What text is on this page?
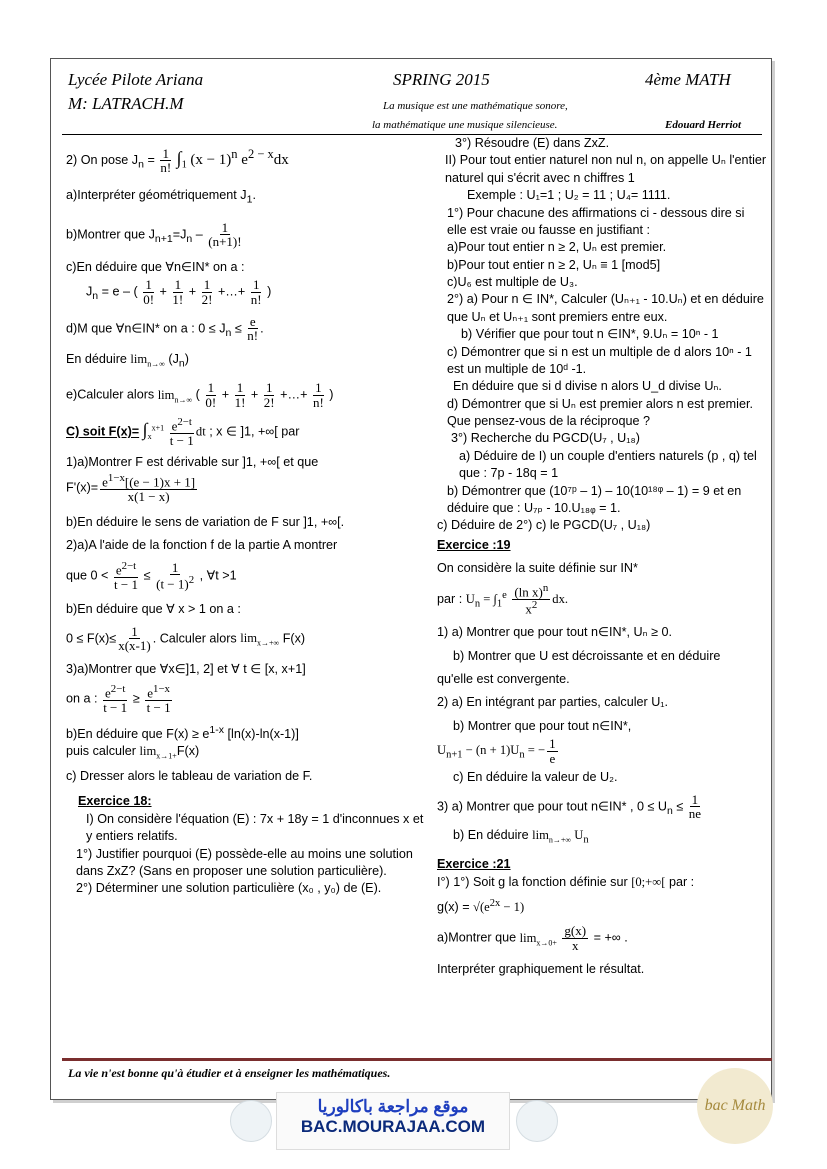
Lycée Pilote Ariana	SPRING 2015	4ème MATH
M: LATRACH.M	La musique est une mathématique sonore,
la mathématique une musique silencieuse.	Edouard Herriot

2) On pose $J_n = \frac{1}{n!} \int_1$ $(x - 1)^n$ $e^{2 - x}dx$

a)Interpréter géométriquement $J_1$.

b)Montrer que $J_{n+1}=J_n - \frac{1}{(n+1)!}$

c)En déduire que ∀n∈IN* on a :

$J_n = e$ – ( $\frac{1}{0!} + \frac{1}{1!} + \frac{1}{2!}$ +…+ $\frac{1}{n!}$ )

d)M que ∀n∈IN* on a : $0 \le J_n \le \frac{e}{n!}$ .

En déduire $\lim_{n\to\infty} (J_n)$

e)Calculer alors $\lim_{n\to\infty}$ ( $\frac{1}{0!} + \frac{1}{1!} + \frac{1}{2!}$ +…+ $\frac{1}{n!}$ )

C) soit $F(x)= \int_x^{x+1} \frac{e^{2-t}}{t - 1}$ dt ; x ∈ ]1, +∞[ par

1)a)Montrer F est dérivable sur ]1, +∞[ et que

$F'(x)= \frac{e^{1-x}[(e - 1)x + 1]}{x(1 - x)}$

b)En déduire le sens de variation de F sur ]1, +∞[.

2)a)A l'aide de la fonction f de la partie A montrer

que $0 < \frac{e^{2-t}}{t - 1} \le \frac{1}{(t - 1)^2}$ , ∀t >1

b)En déduire que ∀ x > 1 on a :

$0 \le F(x)\le \frac{1}{x(x-1)}$ . Calculer alors $\lim_{x\to+\infty} F(x)$

3)a)Montrer que ∀x∈]1, 2] et ∀ t ∈ [x, x+1]

on a : $\frac{e^{2-t}}{t - 1} \ge \frac{e^{1-x}}{t - 1}$

b)En déduire que $F(x) \ge e^{1-x}$ [ln(x)-ln(x-1)]

puis calculer $\lim_{x\to 1+}F(x)$

c) Dresser alors le tableau de variation de F.

Exercice 18:

I) On considère l'équation (E) : 7x + 18y = 1 d'inconnues x et y entiers relatifs.

1°) Justifier pourquoi (E) possède-elle au moins une solution dans ZxZ? (Sans en proposer une solution particulière).

2°) Déterminer une solution particulière (x₀ , y₀) de (E).

3°) Résoudre (E) dans ZxZ.

II) Pour tout entier naturel non nul n, on appelle Uₙ l'entier naturel qui s'écrit avec n chiffres 1

Exemple : U₁=1 ; U₂ = 11 ; U₄= 1111.

1°) Pour chacune des affirmations ci - dessous dire si elle est vraie ou fausse en justifiant :

a)Pour tout entier n ≥ 2, Uₙ est premier.

b)Pour tout entier n ≥ 2, Uₙ ≡ 1 [mod5]

c)U₆ est multiple de U₃.

2°) a) Pour n ∈ IN*, Calculer (Uₙ₊₁ - 10.Uₙ) et en déduire que Uₙ et Uₙ₊₁ sont premiers entre eux.

b) Vérifier que pour tout n ∈IN*, 9.Uₙ = 10ⁿ - 1

c) Démontrer que si n est un multiple de d alors 10ⁿ - 1 est un multiple de 10ᵈ -1.

En déduire que si d divise n alors U_d divise Uₙ.

d) Démontrer que si Uₙ est premier alors n est premier. Que pensez-vous de la réciproque ?

3°) Recherche du PGCD(U₇ , U₁₈)

a) Déduire de I) un couple d'entiers naturels (p , q) tel que : 7p - 18q = 1

b) Démontrer que (10⁷ᵖ – 1) – 10(10¹⁸ᵠ – 1) = 9 et en déduire que : U₇ₚ - 10.U₁₈ᵩ = 1.

c) Déduire de 2°) c) le PGCD(U₇ , U₁₈)

Exercice :19

On considère la suite définie sur IN*

par : $U_n = \int_1^e \frac{(\ln x)^n}{x^2}$ dx.

1) a) Montrer que pour tout n∈IN*, Uₙ ≥ 0.

b) Montrer que U est décroissante et en déduire

qu'elle est convergente.

2) a) En intégrant par parties, calculer U₁.

b) Montrer que pour tout n∈IN*,

$U_{n+1} - (n + 1)U_n$ = − $\frac{1}{e}$

c) En déduire la valeur de U₂.

3) a) Montrer que pour tout n∈IN* , $0 \le U_n \le \frac{1}{ne}$

b) En déduire $\lim_{n\to+\infty} U_n$

Exercice :21

I°) 1°) Soit g la fonction définie sur [0;+∞[ par :

$g(x) = √(e^{2x} - 1)$

a)Montrer que $\lim_{x\to 0+} \frac{g(x)}{x}$ = +∞ .

Interpréter graphiquement le résultat.

La vie n'est bonne qu'à étudier et à enseigner les mathématiques.
موقع مراجعة باكالوريا
BAC.MOURAJAA.COM
bac Math
